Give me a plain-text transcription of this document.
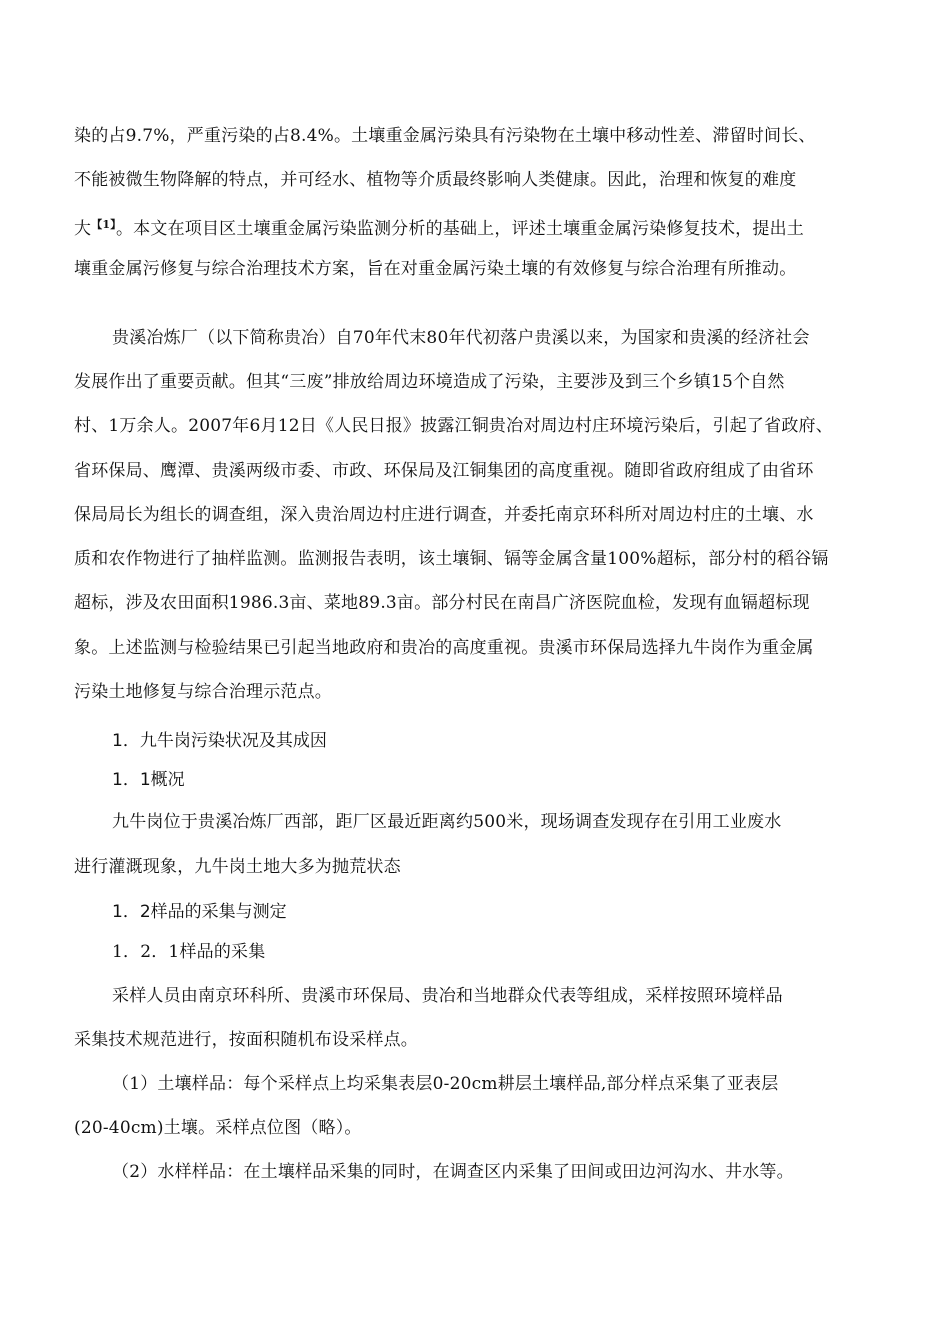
染的占9.7%，严重污染的占8.4%。土壤重金属污染具有污染物在土壤中移动性差、滞留时间长、
不能被微生物降解的特点，并可经水、植物等介质最终影响人类健康。因此，治理和恢复的难度
大$^{【1】}$。本文在项目区土壤重金属污染监测分析的基础上，评述土壤重金属污染修复技术，提出土
壤重金属污修复与综合治理技术方案，旨在对重金属污染土壤的有效修复与综合治理有所推动。
贵溪冶炼厂（以下简称贵冶）自70年代末80年代初落户贵溪以来，为国家和贵溪的经济社会
发展作出了重要贡献。但其“三废”排放给周边环境造成了污染，主要涉及到三个乡镇15个自然
村、1万余人。2007年6月12日《人民日报》披露江铜贵冶对周边村庄环境污染后，引起了省政府、
省环保局、鹰潭、贵溪两级市委、市政、环保局及江铜集团的高度重视。随即省政府组成了由省环
保局局长为组长的调查组，深入贵治周边村庄进行调查，并委托南京环科所对周边村庄的土壤、水
质和农作物进行了抽样监测。监测报告表明，该土壤铜、镉等金属含量100%超标，部分村的稻谷镉
超标，涉及农田面积1986.3亩、菜地89.3亩。部分村民在南昌广济医院血检，发现有血镉超标现
象。上述监测与检验结果已引起当地政府和贵冶的高度重视。贵溪市环保局选择九牛岗作为重金属
污染土地修复与综合治理示范点。
1．九牛岗污染状况及其成因
1．1概况
九牛岗位于贵溪冶炼厂西部，距厂区最近距离约500米，现场调查发现存在引用工业废水
进行灌溉现象，九牛岗土地大多为抛荒状态
1．2样品的采集与测定
1．2．1样品的采集
采样人员由南京环科所、贵溪市环保局、贵冶和当地群众代表等组成，采样按照环境样品
采集技术规范进行，按面积随机布设采样点。
（1）土壤样品：每个采样点上均采集表层0-20cm耕层土壤样品,部分样点采集了亚表层
(20-40cm)土壤。采样点位图（略）。
（2）水样样品：在土壤样品采集的同时，在调查区内采集了田间或田边河沟水、井水等。
